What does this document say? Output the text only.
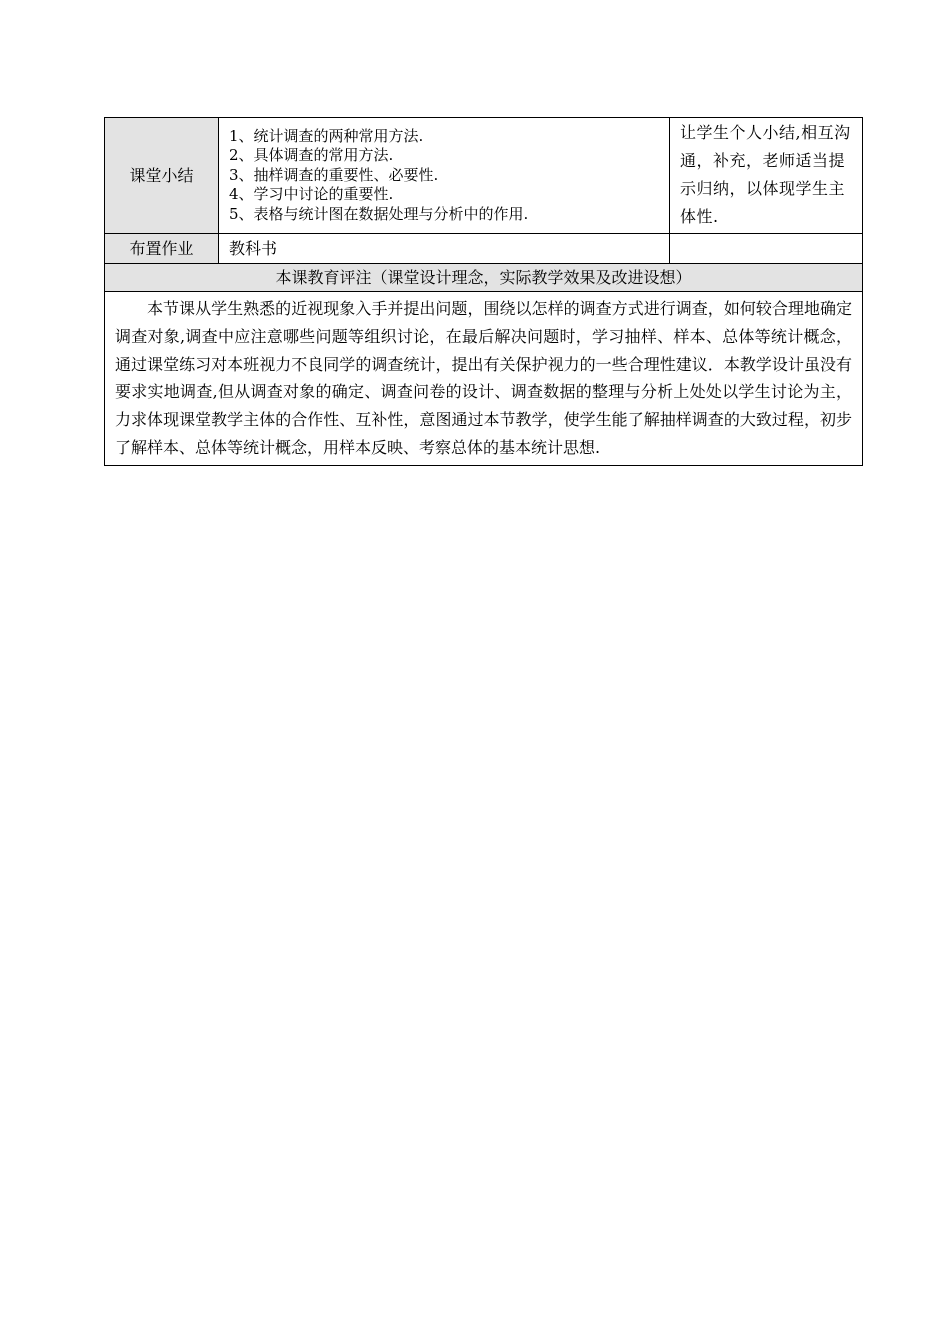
课堂小结	1、统计调查的两种常用方法.
2、具体调查的常用方法.
3、抽样调查的重要性、必要性.
4、学习中讨论的重要性.
5、表格与统计图在数据处理与分析中的作用.	让学生个人小结,相互沟通，补充，老师适当提示归纳，以体现学生主体性.
布置作业	教科书	
本课教育评注（课堂设计理念，实际教学效果及改进设想）		
本节课从学生熟悉的近视现象入手并提出问题，围绕以怎样的调查方式进行调查，如何较合理地确定调查对象,调查中应注意哪些问题等组织讨论，在最后解决问题时，学习抽样、样本、总体等统计概念，通过课堂练习对本班视力不良同学的调查统计，提出有关保护视力的一些合理性建议．本教学设计虽没有要求实地调查,但从调查对象的确定、调查问卷的设计、调查数据的整理与分析上处处以学生讨论为主，力求体现课堂教学主体的合作性、互补性，意图通过本节教学，使学生能了解抽样调查的大致过程，初步了解样本、总体等统计概念，用样本反映、考察总体的基本统计思想.		
